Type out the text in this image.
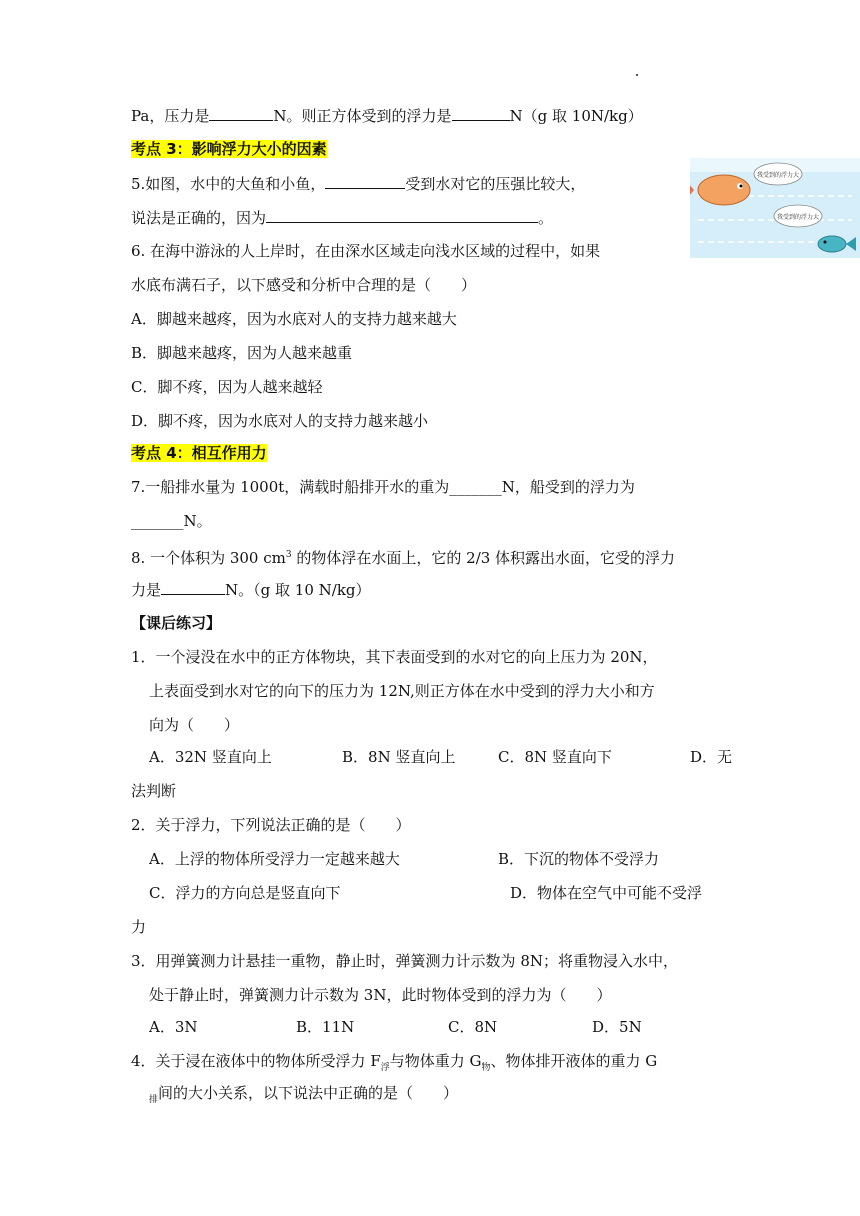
Pa，压力是	N。则正方体受到的浮力是	N（g 取 10N/kg）
考点 3：影响浮力大小的因素
5.如图，水中的大鱼和小鱼，	受到水对它的压强比较大，
说法是正确的，因为	。
我受到的浮力大
我受到的浮力大
6. 在海中游泳的人上岸时，在由深水区域走向浅水区域的过程中，如果
水底布满石子，以下感受和分析中合理的是（　　）
A．脚越来越疼，因为水底对人的支持力越来越大
B．脚越来越疼，因为人越来越重
C．脚不疼，因为人越来越轻
D．脚不疼，因为水底对人的支持力越来越小
考点 4：相互作用力
7.一船排水量为 1000t，满载时船排开水的重为_______N，船受到的浮力为
_______N。
8. 一个体积为 300 $cm^3$ 的物体浮在水面上，它的 2/3 体积露出水面，它受的浮力
力是	N。（g 取 10 N/kg）
【课后练习】
1．一个浸没在水中的正方体物块，其下表面受到的水对它的向上压力为 20N，
上表面受到水对它的向下的压力为 12N,则正方体在水中受到的浮力大小和方
向为（　　）
A．32N 竖直向上	B．8N 竖直向上	C．8N 竖直向下	D．无
法判断
2．关于浮力，下列说法正确的是（　　）
A．上浮的物体所受浮力一定越来越大	B．下沉的物体不受浮力
C．浮力的方向总是竖直向下	D．物体在空气中可能不受浮
力
3．用弹簧测力计悬挂一重物，静止时，弹簧测力计示数为 8N；将重物浸入水中，
处于静止时，弹簧测力计示数为 3N，此时物体受到的浮力为（　　）
A．3N	B．11N	C．8N	D．5N
4．关于浸在液体中的物体所受浮力 $F_浮$与物体重力 $G_物$、物体排开液体的重力 G
$_排$间的大小关系，以下说法中正确的是（　　）
